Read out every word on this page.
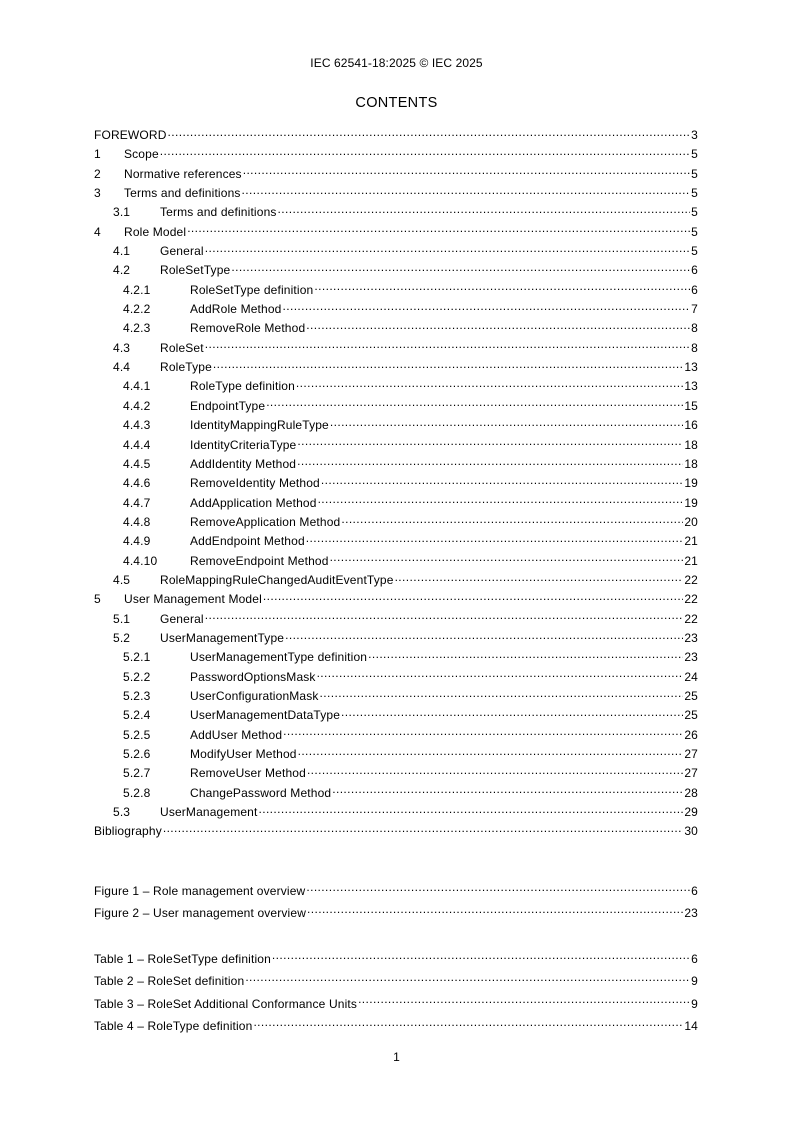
IEC 62541-18:2025 © IEC 2025
CONTENTS
FOREWORD .....	3
1	Scope .....	5
2	Normative references .....	5
3	Terms and definitions .....	5
3.1	Terms and definitions .....	5
4	Role Model .....	5
4.1	General .....	5
4.2	RoleSetType .....	6
4.2.1	RoleSetType definition .....	6
4.2.2	AddRole Method .....	7
4.2.3	RemoveRole Method .....	8
4.3	RoleSet .....	8
4.4	RoleType .....	13
4.4.1	RoleType definition .....	13
4.4.2	EndpointType .....	15
4.4.3	IdentityMappingRuleType .....	16
4.4.4	IdentityCriteriaType .....	18
4.4.5	AddIdentity Method .....	18
4.4.6	RemoveIdentity Method .....	19
4.4.7	AddApplication Method .....	19
4.4.8	RemoveApplication Method .....	20
4.4.9	AddEndpoint Method .....	21
4.4.10	RemoveEndpoint Method .....	21
4.5	RoleMappingRuleChangedAuditEventType .....	22
5	User Management Model .....	22
5.1	General .....	22
5.2	UserManagementType .....	23
5.2.1	UserManagementType definition .....	23
5.2.2	PasswordOptionsMask .....	24
5.2.3	UserConfigurationMask .....	25
5.2.4	UserManagementDataType .....	25
5.2.5	AddUser Method .....	26
5.2.6	ModifyUser Method .....	27
5.2.7	RemoveUser Method .....	27
5.2.8	ChangePassword Method .....	28
5.3	UserManagement .....	29
Bibliography .....	30
Figure 1 – Role management overview .....	6
Figure 2 – User management overview .....	23
Table 1 – RoleSetType definition .....	6
Table 2 – RoleSet definition .....	9
Table 3 – RoleSet Additional Conformance Units .....	9
Table 4 – RoleType definition .....	14
1
